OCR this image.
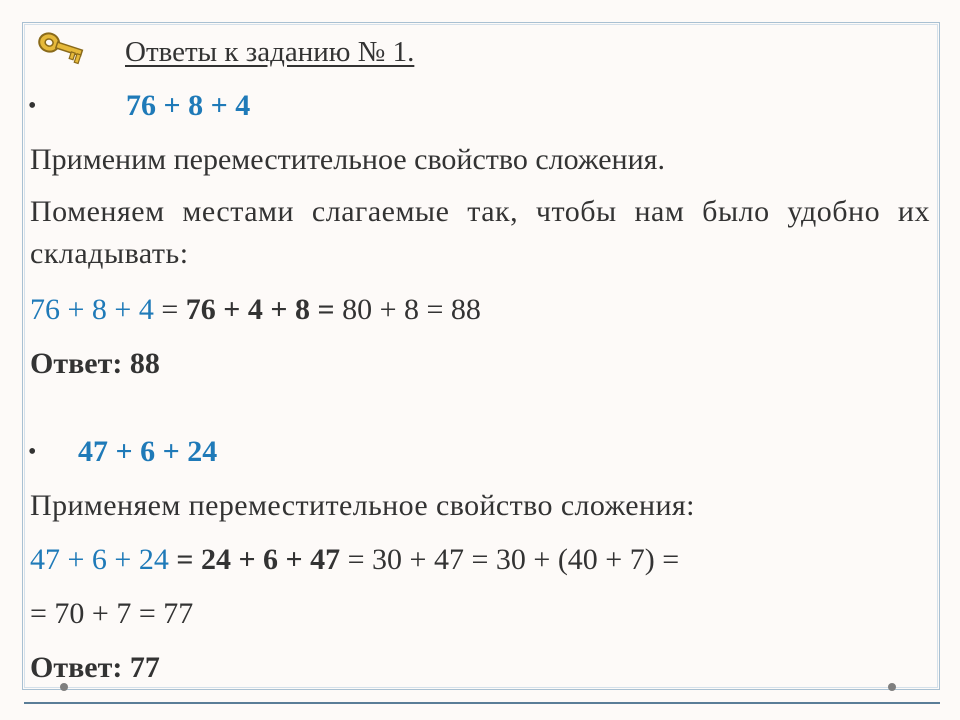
Ответы к заданию № 1.
•	76 + 8 + 4
Применим переместительное свойство сложения.
Поменяем местами слагаемые так, чтобы нам было удобно их складывать:
76 + 8 + 4 = 76 + 4 + 8 = 80 + 8 = 88
Ответ: 88
• 47 + 6 + 24
Применяем переместительное свойство сложения:
47 + 6 + 24 = 24 + 6 + 47 = 30 + 47 = 30 + (40 + 7) =
= 70 + 7 = 77
Ответ: 77
